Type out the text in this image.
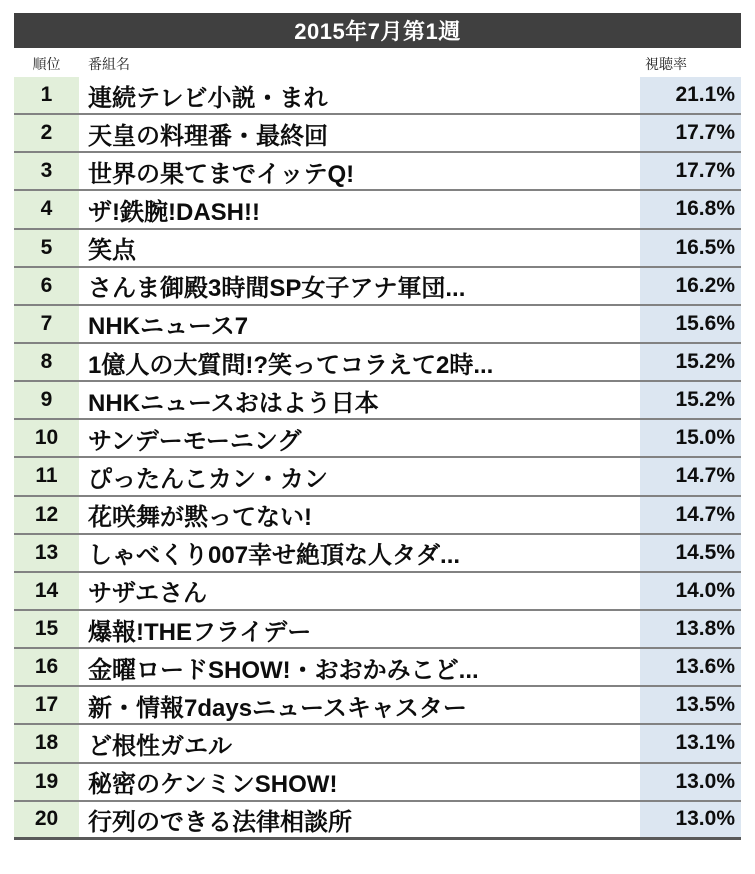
2015年7月第1週
順位	番組名	視聴率
1	連続テレビ小説・まれ	21.1%
2	天皇の料理番・最終回	17.7%
3	世界の果てまでイッテQ!	17.7%
4	ザ!鉄腕!DASH!!	16.8%
5	笑点	16.5%
6	さんま御殿3時間SP女子アナ軍団...	16.2%
7	NHKニュース7	15.6%
8	1億人の大質問!?笑ってコラえて2時...	15.2%
9	NHKニュースおはよう日本	15.2%
10	サンデーモーニング	15.0%
11	ぴったんこカン・カン	14.7%
12	花咲舞が黙ってない!	14.7%
13	しゃべくり007幸せ絶頂な人タダ...	14.5%
14	サザエさん	14.0%
15	爆報!THEフライデー	13.8%
16	金曜ロードSHOW!・おおかみこど...	13.6%
17	新・情報7daysニュースキャスター	13.5%
18	ど根性ガエル	13.1%
19	秘密のケンミンSHOW!	13.0%
20	行列のできる法律相談所	13.0%
